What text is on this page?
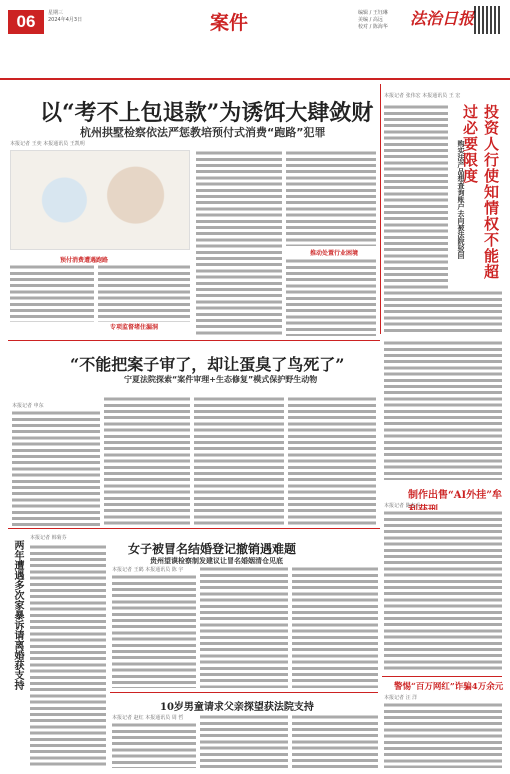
06	星期三
2024年4月3日	案件	编辑 / 王钰琳
美编 / 高远
校对 / 陈海华 法治日报
以“考不上包退款”为诱饵大肆敛财
杭州拱墅检察依法严惩教培预付式消费“跑路”犯罪
本报记者 王奕 本报通讯员 王凯明
预付消费遭遇跑路
专项监督堵住漏洞
推动处置行业困境
本报记者 张伟宏 本报通讯员 王 宏
投资人行使知情权不能超过必要限度
购实法产品想查询账户去向被法院驳回
“不能把案子审了，却让蛋臭了鸟死了”
宁夏法院探索“案件审理+生态修复”模式保护野生动物
本报记者 申东
制作出售“AI外挂”牟
本报记者 陈东升
本报记者 韩菊芬
两年遭遇多次家暴诉请离婚获支持	女子被冒名结婚登记撤销遇难题
贵州望谟检察制发建议让冒名婚姻清仓见底
本报记者 王鹤 本报通讯员 陈 宇
10岁男童请求父亲探望获法院支持
本报记者 赵红 本报通讯员 周 哲
警惕“百万网红”诈骗4万余元
本报记者 汪 洋
